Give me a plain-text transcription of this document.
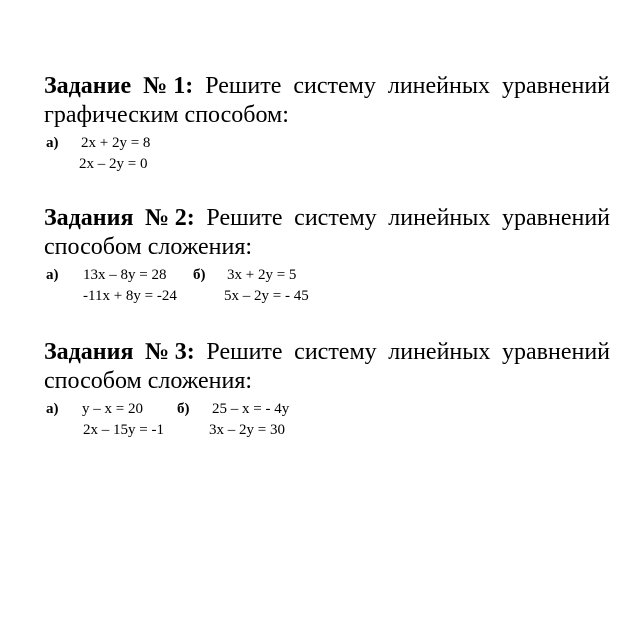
Задание №1: Решите систему линейных уравнений графическим способом:

а) 2x + 2y = 8
2x – 2y = 0

Задания №2: Решите систему линейных уравнений способом сложения:

а) 13x – 8y = 28
-11x + 8y = -24
б) 3x + 2y = 5
5x – 2y = - 45

Задания №3: Решите систему линейных уравнений способом сложения:

а) y – x = 20
2x – 15y = -1
б) 25 – x = - 4y
3x – 2y = 30
